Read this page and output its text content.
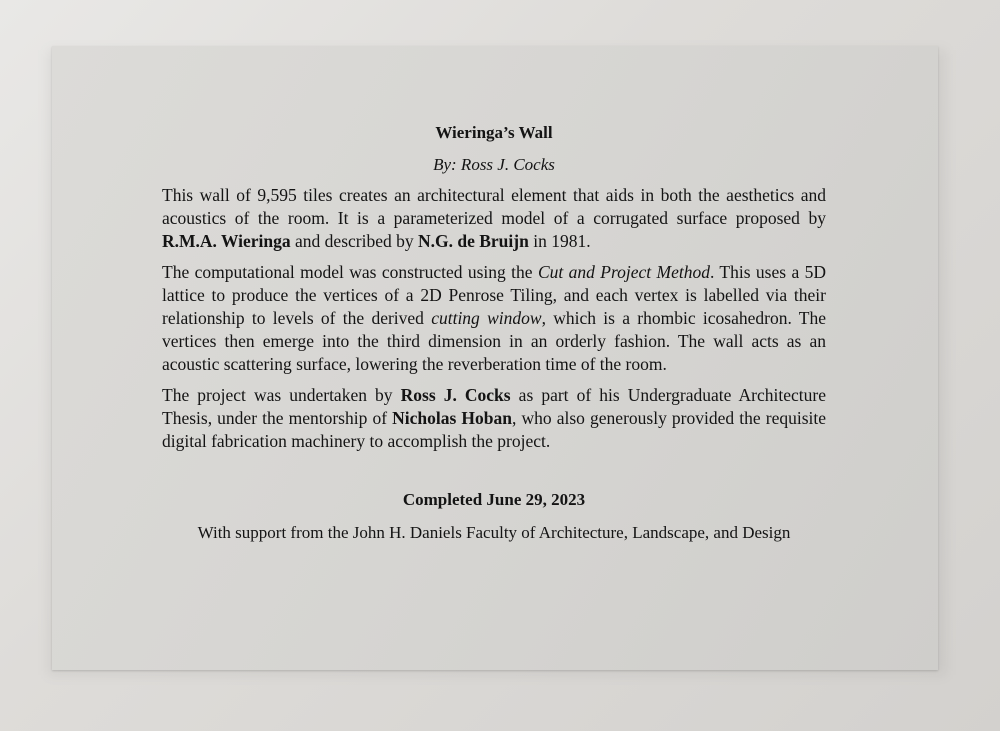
Wieringa’s Wall

By: Ross J. Cocks

This wall of 9,595 tiles creates an architectural element that aids in both the aesthetics and acoustics of the room. It is a parameterized model of a corrugated surface proposed by R.M.A. Wieringa and described by N.G. de Bruijn in 1981.

The computational model was constructed using the Cut and Project Method. This uses a 5D lattice to produce the vertices of a 2D Penrose Tiling, and each vertex is labelled via their relationship to levels of the derived cutting window, which is a rhombic icosahedron. The vertices then emerge into the third dimension in an orderly fashion. The wall acts as an acoustic scattering surface, lowering the reverberation time of the room.

The project was undertaken by Ross J. Cocks as part of his Undergraduate Architecture Thesis, under the mentorship of Nicholas Hoban, who also generously provided the requisite digital fabrication machinery to accomplish the project.

Completed June 29, 2023

With support from the John H. Daniels Faculty of Architecture, Landscape, and Design
